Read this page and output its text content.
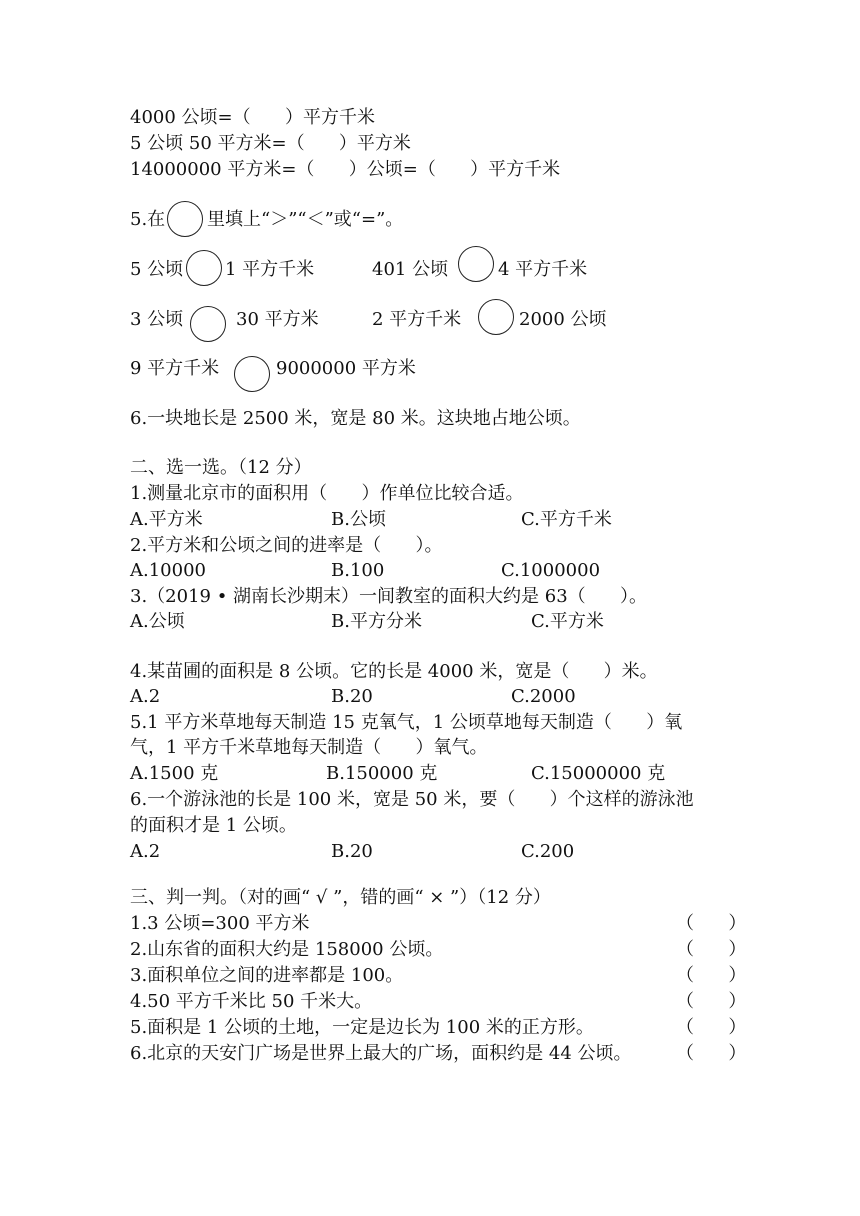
4000 公顷=（      ）平方千米
5 公顷 50 平方米=（      ）平方米
14000000 平方米=（      ）公顷=（      ）平方千米
5.在 里填上“＞”“＜”或“=”。
5 公顷 1 平方千米	401 公顷	4 平方千米
3 公顷	30 平方米	2 平方千米	2000 公顷
9 平方千米	9000000 平方米
6.一块地长是 2500 米，宽是 80 米。这块地占地公顷。
二、选一选。（12 分）
1.测量北京市的面积用（      ）作单位比较合适。
A.平方米	B.公顷	C.平方千米
2.平方米和公顷之间的进率是（      ）。
A.10000	B.100	C.1000000
3.（2019 • 湖南长沙期末）一间教室的面积大约是 63（      ）。
A.公顷	B.平方分米	C.平方米
4.某苗圃的面积是 8 公顷。它的长是 4000 米，宽是（      ）米。
A.2	B.20	C.2000
5.1 平方米草地每天制造 15 克氧气，1 公顷草地每天制造（      ）氧
气，1 平方千米草地每天制造（      ）氧气。
A.1500 克	B.150000 克	C.15000000 克
6.一个游泳池的长是 100 米，宽是 50 米，要（      ）个这样的游泳池
的面积才是 1 公顷。
A.2	B.20	C.200
三、判一判。（对的画“ √ ”，错的画“ × ”）（12 分）
1.3 公顷=300 平方米	（      ）
2.山东省的面积大约是 158000 公顷。	（      ）
3.面积单位之间的进率都是 100。	（      ）
4.50 平方千米比 50 千米大。	（      ）
5.面积是 1 公顷的土地，一定是边长为 100 米的正方形。	（      ）
6.北京的天安门广场是世界上最大的广场，面积约是 44 公顷。 （      ）
